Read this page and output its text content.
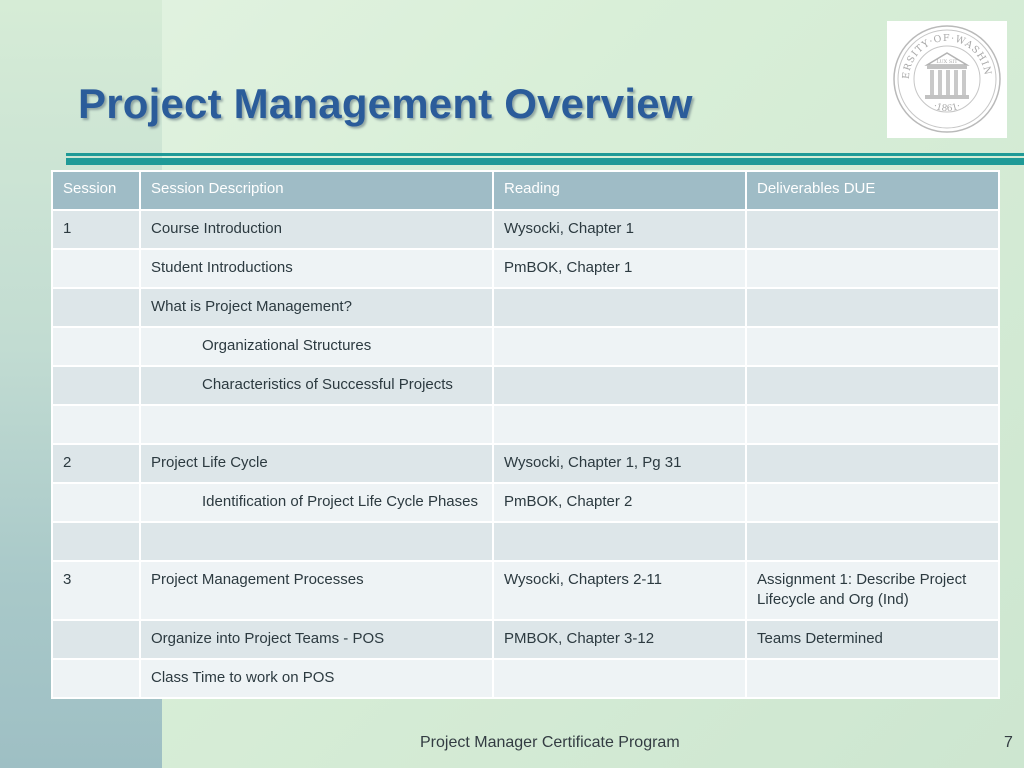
Project Management Overview
ERSITY·OF·WASHIN
·1861·
LUX SIT
Session	Session Description	Reading	Deliverables DUE
1	Course Introduction	Wysocki, Chapter 1	
	Student Introductions	PmBOK, Chapter 1	
	What is Project Management?		

	Organizational Structures		

	Characteristics of Successful Projects		

2	Project Life Cycle	Wysocki, Chapter 1, Pg 31	

	Identification of Project Life Cycle Phases	PmBOK, Chapter 2	

3	Project Management Processes	Wysocki, Chapters 2-11	Assignment 1: Describe Project Lifecycle and Org (Ind)
	Organize into Project Teams - POS	PMBOK, Chapter 3-12	Teams Determined
	Class Time to work on POS		
Project Manager Certificate Program	7
